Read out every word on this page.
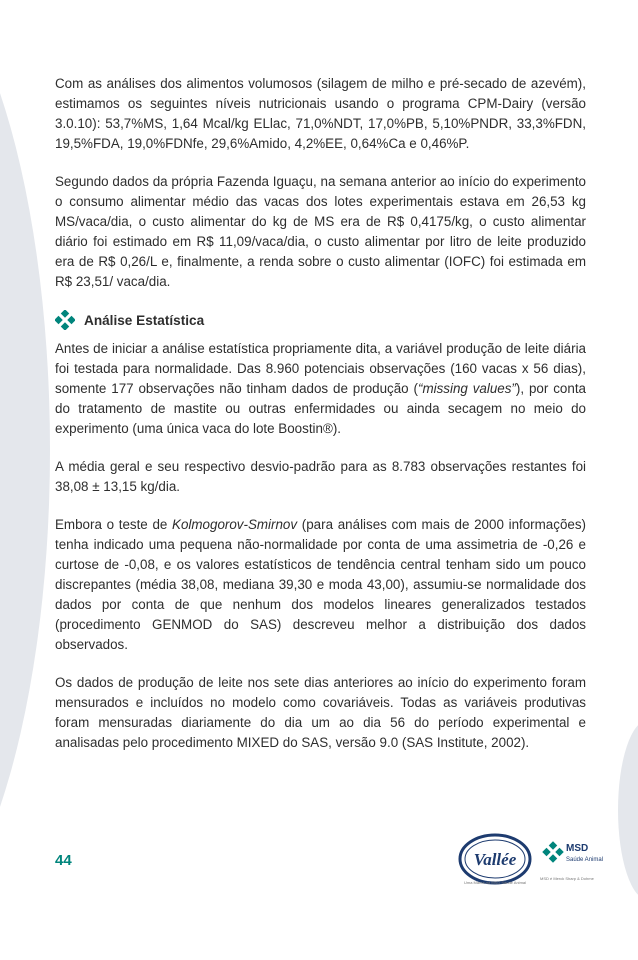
Com as análises dos alimentos volumosos (silagem de milho e pré-secado de azevém), estimamos os seguintes níveis nutricionais usando o programa CPM-Dairy (versão 3.0.10): 53,7%MS, 1,64 Mcal/kg ELlac, 71,0%NDT, 17,0%PB, 5,10%PNDR, 33,3%FDN, 19,5%FDA, 19,0%FDNfe, 29,6%Amido, 4,2%EE, 0,64%Ca e 0,46%P.

Segundo dados da própria Fazenda Iguaçu, na semana anterior ao início do experimento o consumo alimentar médio das vacas dos lotes experimentais estava em 26,53 kg MS/vaca/dia, o custo alimentar do kg de MS era de R$ 0,4175/kg, o custo alimentar diário foi estimado em R$ 11,09/vaca/dia, o custo alimentar por litro de leite produzido era de R$ 0,26/L e, finalmente, a renda sobre o custo alimentar (IOFC) foi estimada em R$ 23,51/ vaca/dia.

Análise Estatística

Antes de iniciar a análise estatística propriamente dita, a variável produção de leite diária foi testada para normalidade. Das 8.960 potenciais observações (160 vacas x 56 dias), somente 177 observações não tinham dados de produção (“missing values”), por conta do tratamento de mastite ou outras enfermidades ou ainda secagem no meio do experimento (uma única vaca do lote Boostin®).

A média geral e seu respectivo desvio-padrão para as 8.783 observações restantes foi 38,08 ± 13,15 kg/dia.

Embora o teste de Kolmogorov-Smirnov (para análises com mais de 2000 informações) tenha indicado uma pequena não-normalidade por conta de uma assimetria de -0,26 e curtose de -0,08, e os valores estatísticos de tendência central tenham sido um pouco discrepantes (média 38,08, mediana 39,30 e moda 43,00), assumiu-se normalidade dos dados por conta de que nenhum dos modelos lineares generalizados testados (procedimento GENMOD do SAS) descreveu melhor a distribuição dos dados observados.

Os dados de produção de leite nos sete dias anteriores ao início do experimento foram mensurados e incluídos no modelo como covariáveis. Todas as variáveis produtivas foram mensuradas diariamente do dia um ao dia 56 do período experimental e analisadas pelo procedimento MIXED do SAS, versão 9.0 (SAS Institute, 2002).

44	Vallée
Uma Marca da MSD Saúde Animal
MSD
Saúde Animal
MSD é Merck Sharp & Dohme
